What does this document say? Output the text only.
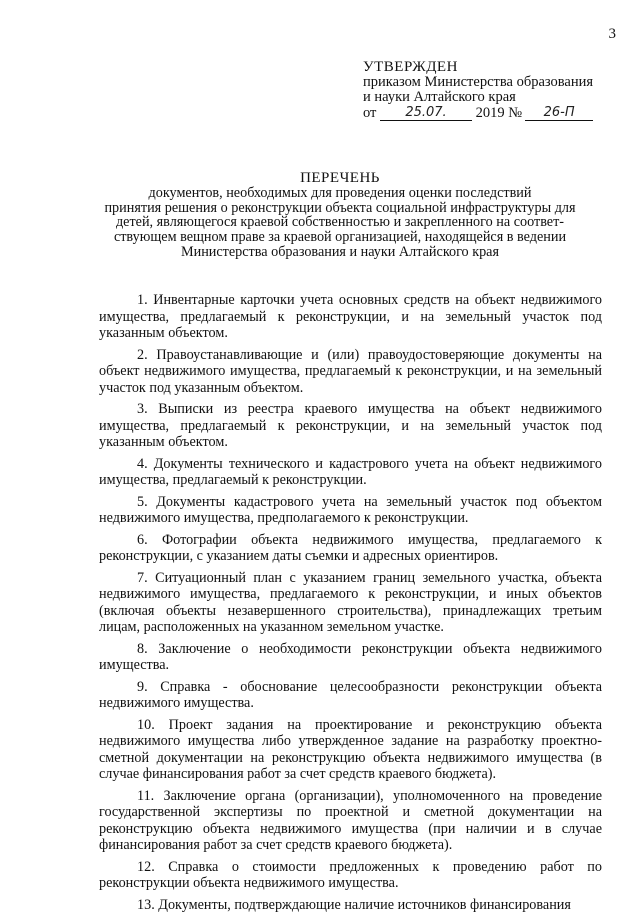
3
УТВЕРЖДЕН
приказом Министерства образования
и науки Алтайского края
от
	25.07.
	2019 №	26-П
ПЕРЕЧЕНЬ
документов, необходимых для проведения оценки последствий
принятия решения о реконструкции объекта социальной инфраструктуры для
детей, являющегося краевой собственностью и закрепленного на соответ-
ствующем вещном праве за краевой организацией, находящейся в ведении
Министерства образования и науки Алтайского края

1. Инвентарные карточки учета основных средств на объект недвижимого имущества, предлагаемый к реконструкции, и на земельный участок под указанным объектом.

2. Правоустанавливающие и (или) правоудостоверяющие документы на объект недвижимого имущества, предлагаемый к реконструкции, и на земельный участок под указанным объектом.

3. Выписки из реестра краевого имущества на объект недвижимого имущества, предлагаемый к реконструкции, и на земельный участок под указанным объектом.

4. Документы технического и кадастрового учета на объект недвижимого имущества, предлагаемый к реконструкции.

5. Документы кадастрового учета на земельный участок под объектом недвижимого имущества, предполагаемого к реконструкции.

6. Фотографии объекта недвижимого имущества, предлагаемого к реконструкции, с указанием даты съемки и адресных ориентиров.

7. Ситуационный план с указанием границ земельного участка, объекта недвижимого имущества, предлагаемого к реконструкции, и иных объектов (включая объекты незавершенного строительства), принадлежащих третьим лицам, расположенных на указанном земельном участке.

8. Заключение о необходимости реконструкции объекта недвижимого имущества.

9. Справка - обоснование целесообразности реконструкции объекта недвижимого имущества.

10. Проект задания на проектирование и реконструкцию объекта недвижимого имущества либо утвержденное задание на разработку проектно-сметной документации на реконструкцию объекта недвижимого имущества (в случае финансирования работ за счет средств краевого бюджета).

11. Заключение органа (организации), уполномоченного на проведение государственной экспертизы по проектной и сметной документации на реконструкцию объекта недвижимого имущества (при наличии и в случае финансирования работ за счет средств краевого бюджета).

12. Справка о стоимости предложенных к проведению работ по реконструкции объекта недвижимого имущества.

13. Документы, подтверждающие наличие источников финансирования
